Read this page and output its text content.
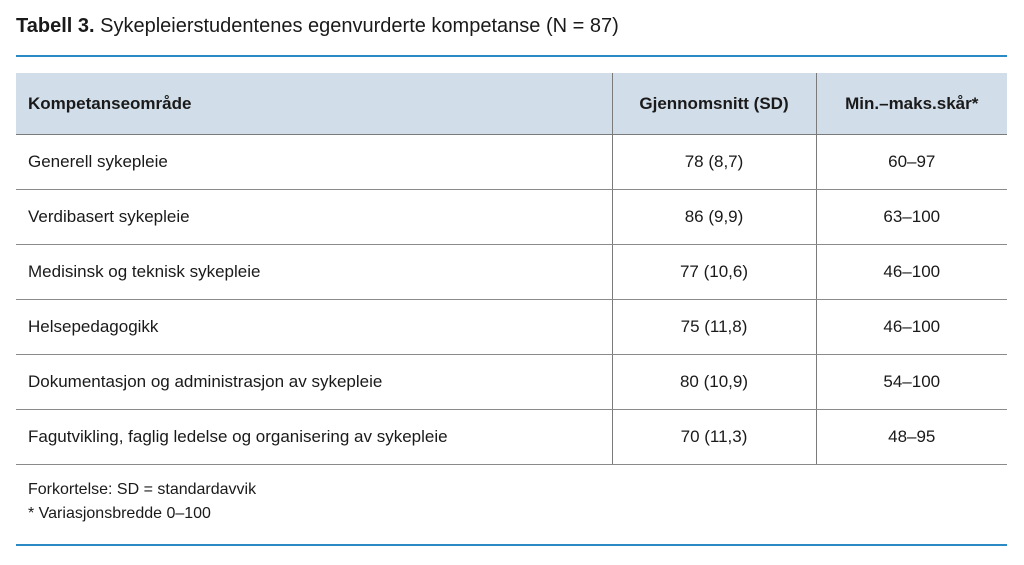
Tabell 3. Sykepleierstudentenes egenvurderte kompetanse (N = 87)
Kompetanseområde	Gjennomsnitt (SD)	Min.–maks.skår*
Generell sykepleie	78 (8,7)	60–97
Verdibasert sykepleie	86 (9,9)	63–100
Medisinsk og teknisk sykepleie	77 (10,6)	46–100
Helsepedagogikk	75 (11,8)	46–100
Dokumentasjon og administrasjon av sykepleie	80 (10,9)	54–100
Fagutvikling, faglig ledelse og organisering av sykepleie	70 (11,3)	48–95
Forkortelse: SD = standardavvik
* Variasjonsbredde 0–100
